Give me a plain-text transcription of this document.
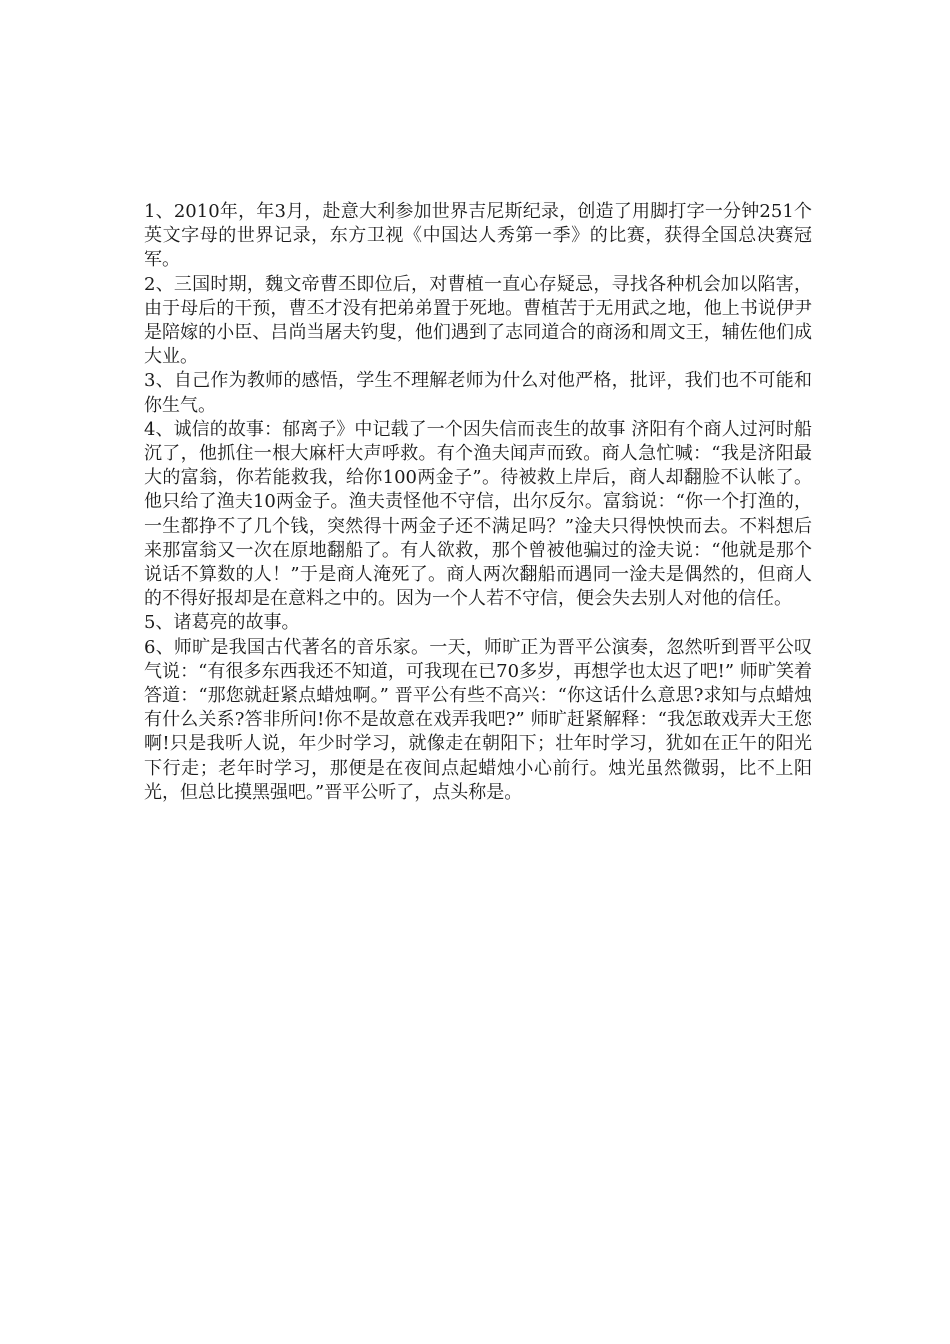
1、2010年，年3月，赴意大利参加世界吉尼斯纪录，创造了用脚打字一分钟251个英文字母的世界记录，东方卫视《中国达人秀第一季》的比赛，获得全国总决赛冠军。

2、三国时期，魏文帝曹丕即位后，对曹植一直心存疑忌，寻找各种机会加以陷害，由于母后的干预，曹丕才没有把弟弟置于死地。曹植苦于无用武之地，他上书说伊尹是陪嫁的小臣、吕尚当屠夫钓叟，他们遇到了志同道合的商汤和周文王，辅佐他们成大业。

3、自己作为教师的感悟，学生不理解老师为什么对他严格，批评，我们也不可能和你生气。

4、诚信的故事：郁离子》中记载了一个因失信而丧生的故事 济阳有个商人过河时船沉了，他抓住一根大麻杆大声呼救。有个渔夫闻声而致。商人急忙喊：“我是济阳最大的富翁，你若能救我，给你100两金子”。待被救上岸后，商人却翻脸不认帐了。他只给了渔夫10两金子。渔夫责怪他不守信，出尔反尔。富翁说：“你一个打渔的，一生都挣不了几个钱，突然得十两金子还不满足吗？”淦夫只得怏怏而去。不料想后来那富翁又一次在原地翻船了。有人欲救，那个曾被他骗过的淦夫说：“他就是那个说话不算数的人！”于是商人淹死了。商人两次翻船而遇同一淦夫是偶然的，但商人的不得好报却是在意料之中的。因为一个人若不守信，便会失去别人对他的信任。

5、诸葛亮的故事。

6、师旷是我国古代著名的音乐家。一天，师旷正为晋平公演奏，忽然听到晋平公叹气说：“有很多东西我还不知道，可我现在已70多岁，再想学也太迟了吧!” 师旷笑着答道：“那您就赶紧点蜡烛啊。” 晋平公有些不高兴：“你这话什么意思?求知与点蜡烛有什么关系?答非所问!你不是故意在戏弄我吧?” 师旷赶紧解释：“我怎敢戏弄大王您啊!只是我听人说，年少时学习，就像走在朝阳下；壮年时学习，犹如在正午的阳光下行走；老年时学习，那便是在夜间点起蜡烛小心前行。烛光虽然微弱，比不上阳光，但总比摸黑强吧。”晋平公听了，点头称是。
